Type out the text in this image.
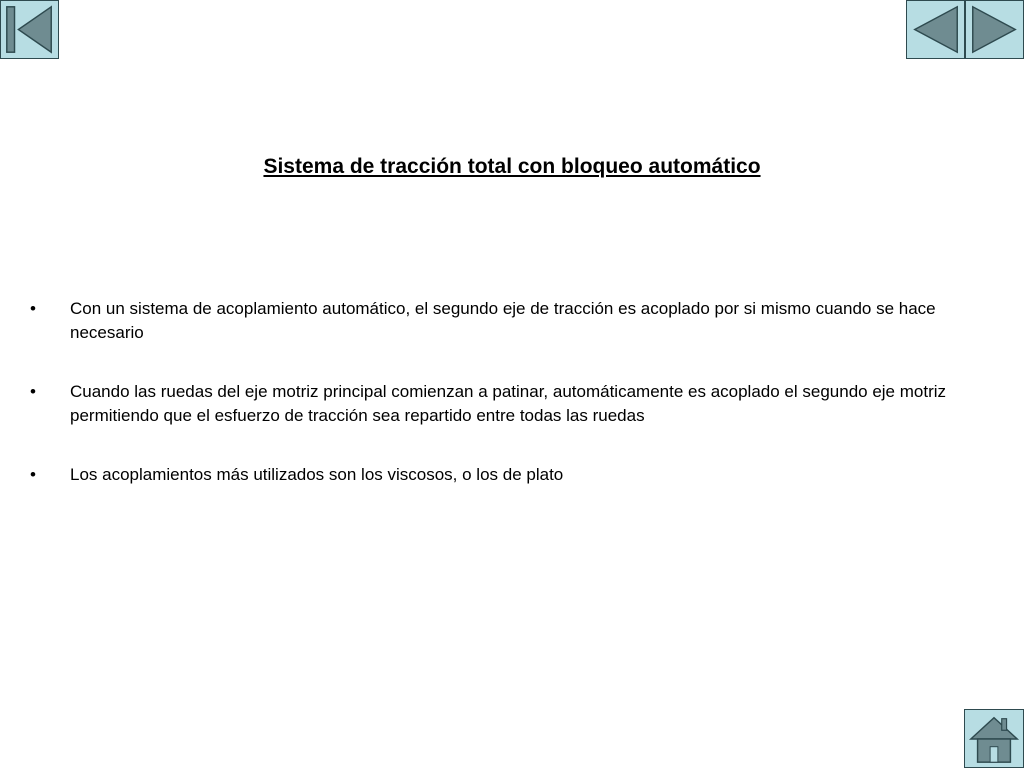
Sistema de tracción total con bloqueo automático
•	Con un sistema de acoplamiento automático, el segundo eje de tracción es acoplado por si mismo cuando se hace necesario
•	Cuando las ruedas del eje motriz principal comienzan a patinar, automáticamente es acoplado el segundo eje motriz permitiendo que el esfuerzo de tracción sea repartido entre todas las ruedas
•	Los acoplamientos más utilizados son los viscosos, o los de plato
